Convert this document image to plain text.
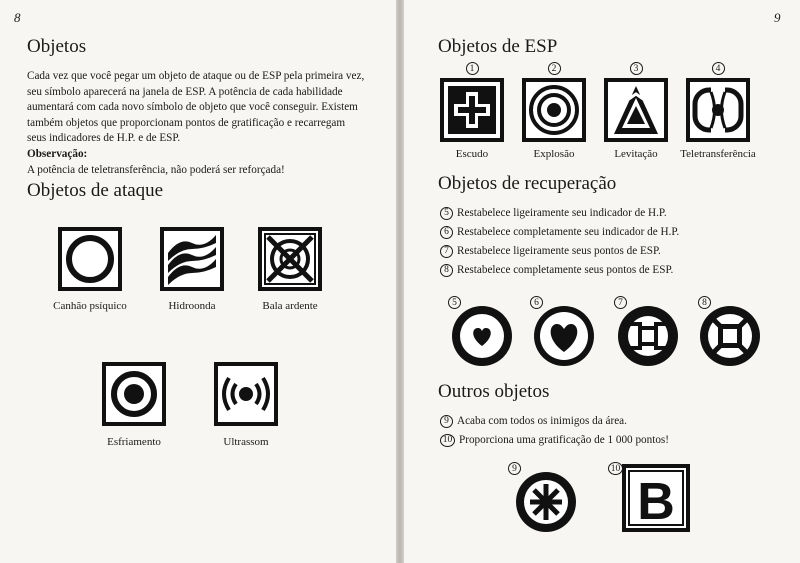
8
Objetos

Cada vez que você pegar um objeto de ataque ou de ESP pela primeira vez, seu símbolo aparecerá na janela de ESP. A potência de cada habilidade aumentará com cada novo símbolo de objeto que você conseguir. Existem também objetos que proporcionam pontos de gratificação e recarregam seus indicadores de H.P. e de ESP.

Observação:

A potência de teletransferência, não poderá ser reforçada!

Objetos de ataque
Canhão psíquico	Hidroonda	Bala ardente
Esfriamento	Ultrassom
9
Objetos de ESP
1
Escudo
2
Explosão
3
Levitação
4
Teletransferência
Objetos de recuperação
5 Restabelece ligeiramente seu indicador de H.P.
6 Restabelece completamente seu indicador de H.P.
7 Restabelece ligeiramente seus pontos de ESP.
8 Restabelece completamente seus pontos de ESP.
5	6	7	8
Outros objetos
9 Acaba com todos os inimigos da área.
10 Proporciona uma gratificação de 1 000 pontos!
9	10
B
